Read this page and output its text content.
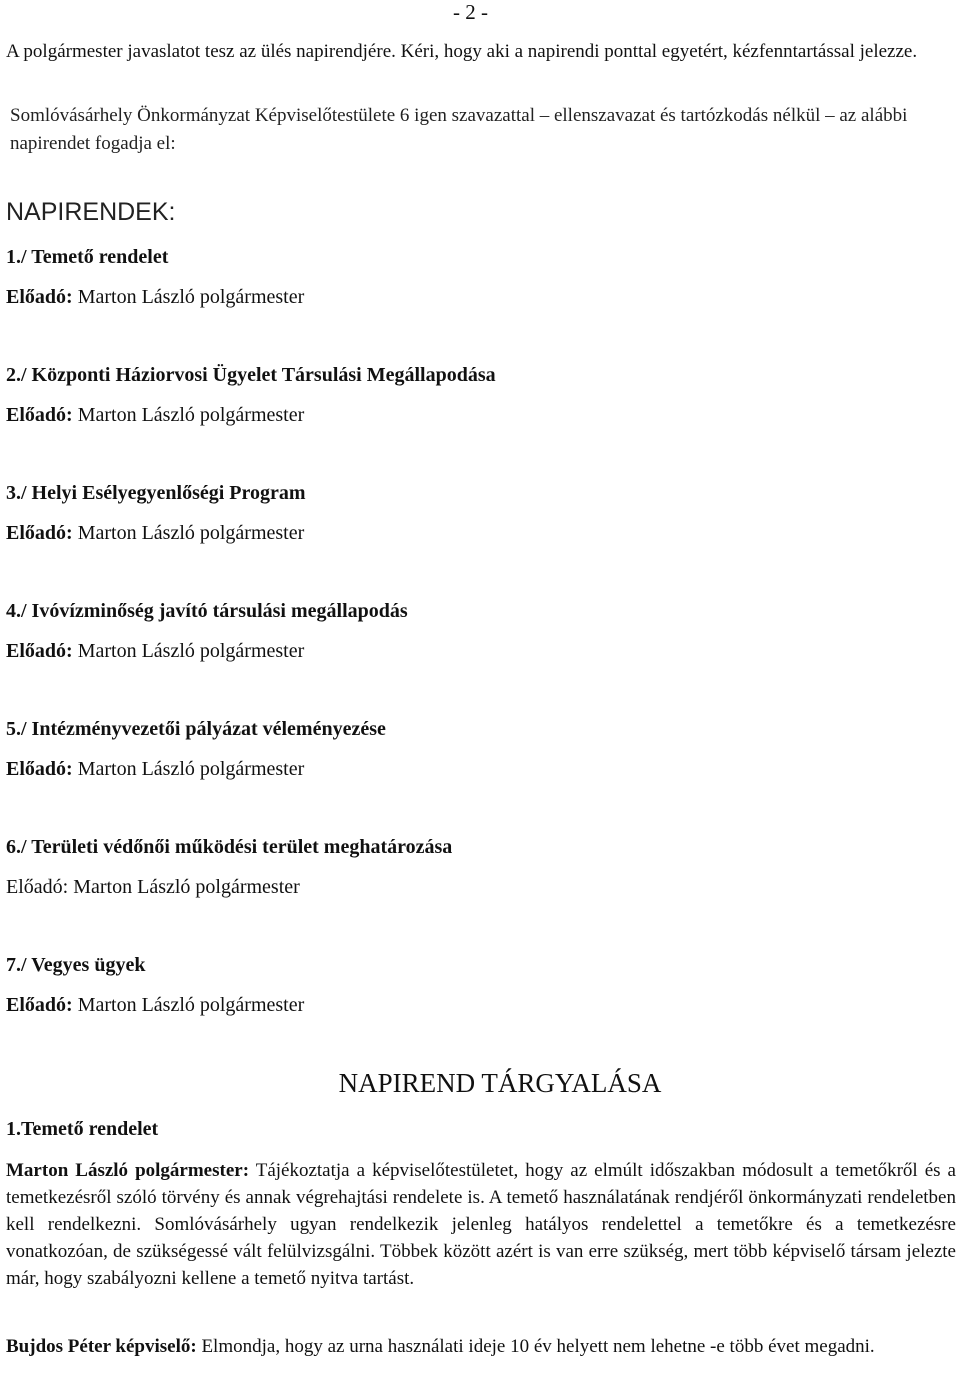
- 2 -
A polgármester javaslatot tesz az ülés napirendjére. Kéri, hogy aki a napirendi ponttal egyetért, kézfenntartással jelezze.
Somlóvásárhely Önkormányzat Képviselőtestülete 6 igen szavazattal – ellenszavazat és tartózkodás nélkül – az alábbi napirendet fogadja el:
NAPIRENDEK:
1./ Temető rendelet
Előadó: Marton László polgármester
2./ Központi Háziorvosi Ügyelet Társulási Megállapodása
Előadó: Marton László polgármester
3./ Helyi Esélyegyenlőségi Program
Előadó: Marton László polgármester
4./ Ivóvízminőség javító társulási megállapodás
Előadó: Marton László polgármester
5./ Intézményvezetői pályázat véleményezése
Előadó: Marton László polgármester
6./ Területi védőnői működési terület meghatározása
Előadó: Marton László polgármester
7./ Vegyes ügyek
Előadó: Marton László polgármester
NAPIREND TÁRGYALÁSA
1.Temető rendelet
Marton László polgármester: Tájékoztatja a képviselőtestületet, hogy az elmúlt időszakban módosult a temetőkről és a temetkezésről szóló törvény és annak végrehajtási rendelete is. A temető használatának rendjéről önkormányzati rendeletben kell rendelkezni. Somlóvásárhely ugyan rendelkezik jelenleg hatályos rendelettel a temetőkre és a temetkezésre vonatkozóan, de szükségessé vált felülvizsgálni. Többek között azért is van erre szükség, mert több képviselő társam jelezte már, hogy szabályozni kellene a temető nyitva tartást.
Bujdos Péter képviselő: Elmondja, hogy az urna használati ideje 10 év helyett nem lehetne -e több évet megadni.
